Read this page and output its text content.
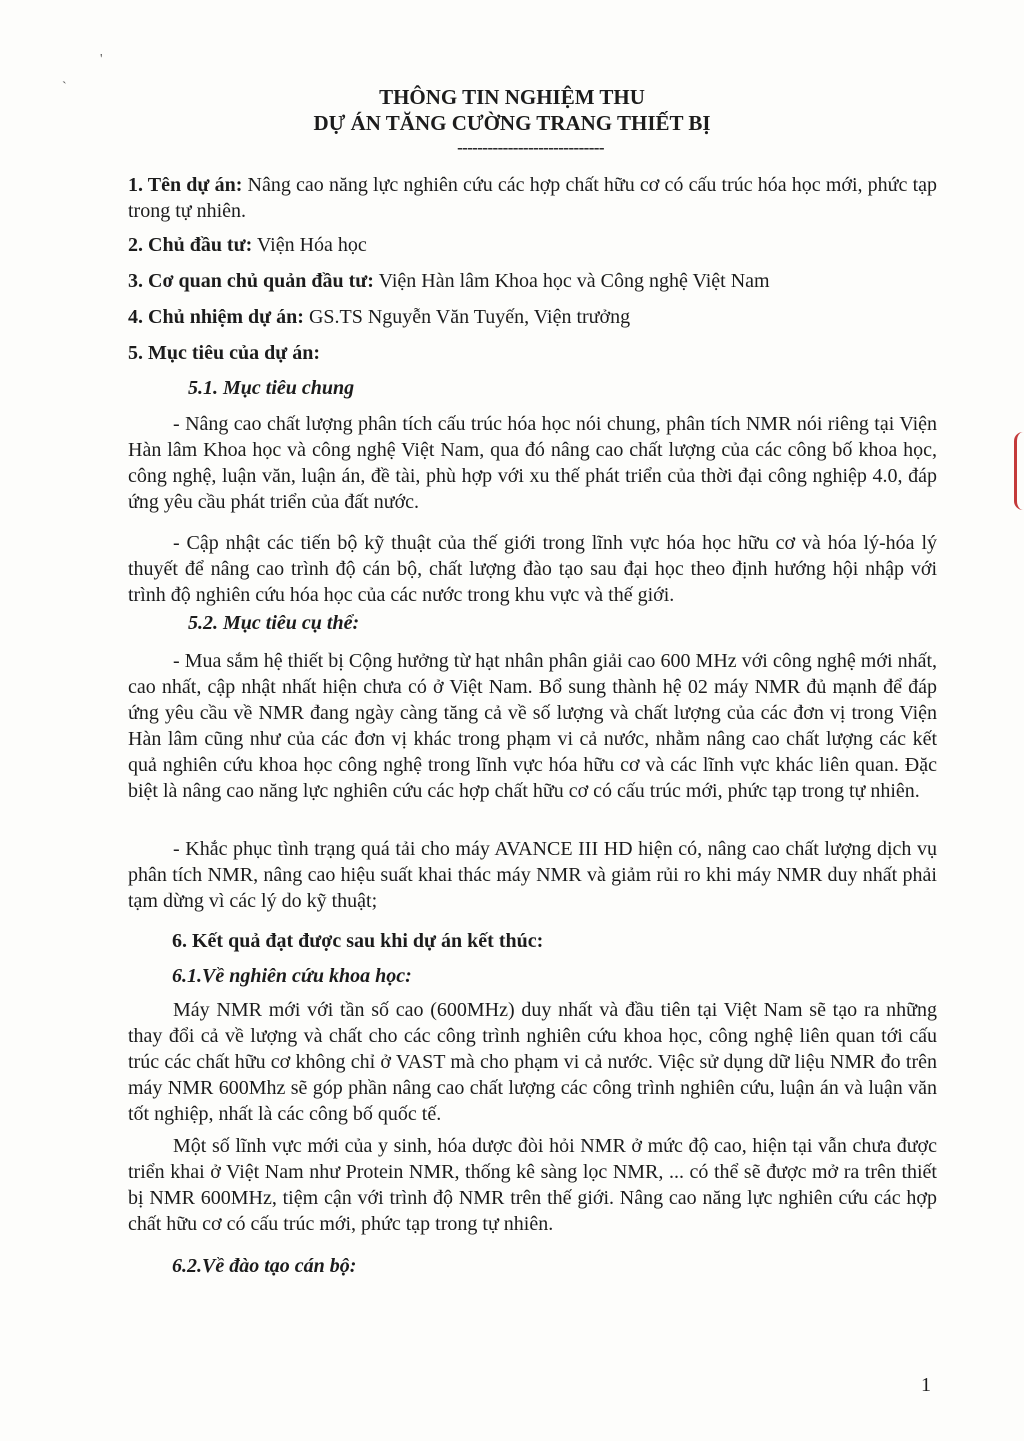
'
`	THÔNG TIN NGHIỆM THU
DỰ ÁN TĂNG CƯỜNG TRANG THIẾT BỊ
-----------------------------

1. Tên dự án: Nâng cao năng lực nghiên cứu các hợp chất hữu cơ có cấu trúc hóa học mới, phức tạp trong tự nhiên.

2. Chủ đầu tư: Viện Hóa học

3. Cơ quan chủ quản đầu tư: Viện Hàn lâm Khoa học và Công nghệ Việt Nam

4. Chủ nhiệm dự án: GS.TS Nguyễn Văn Tuyến, Viện trưởng

5. Mục tiêu của dự án:

5.1. Mục tiêu chung

- Nâng cao chất lượng phân tích cấu trúc hóa học nói chung, phân tích NMR nói riêng tại Viện Hàn lâm Khoa học và công nghệ Việt Nam, qua đó nâng cao chất lượng của các công bố khoa học, công nghệ, luận văn, luận án, đề tài, phù hợp với xu thế phát triển của thời đại công nghiệp 4.0, đáp ứng yêu cầu phát triển của đất nước.

- Cập nhật các tiến bộ kỹ thuật của thế giới trong lĩnh vực hóa học hữu cơ và hóa lý-hóa lý thuyết để nâng cao trình độ cán bộ, chất lượng đào tạo sau đại học theo định hướng hội nhập với trình độ nghiên cứu hóa học của các nước trong khu vực và thế giới.

5.2. Mục tiêu cụ thể:

- Mua sắm hệ thiết bị Cộng hưởng từ hạt nhân phân giải cao 600 MHz với công nghệ mới nhất, cao nhất, cập nhật nhất hiện chưa có ở Việt Nam. Bổ sung thành hệ 02 máy NMR đủ mạnh để đáp ứng yêu cầu về NMR đang ngày càng tăng cả về số lượng và chất lượng của các đơn vị trong Viện Hàn lâm cũng như của các đơn vị khác trong phạm vi cả nước, nhằm nâng cao chất lượng các kết quả nghiên cứu khoa học công nghệ trong lĩnh vực hóa hữu cơ và các lĩnh vực khác liên quan. Đặc biệt là nâng cao năng lực nghiên cứu các hợp chất hữu cơ có cấu trúc mới, phức tạp trong tự nhiên.

- Khắc phục tình trạng quá tải cho máy AVANCE III HD hiện có, nâng cao chất lượng dịch vụ phân tích NMR, nâng cao hiệu suất khai thác máy NMR và giảm rủi ro khi máy NMR duy nhất phải tạm dừng vì các lý do kỹ thuật;

6. Kết quả đạt được sau khi dự án kết thúc:
6.1.Về nghiên cứu khoa học:

Máy NMR mới với tần số cao (600MHz) duy nhất và đầu tiên tại Việt Nam sẽ tạo ra những thay đổi cả về lượng và chất cho các công trình nghiên cứu khoa học, công nghệ liên quan tới cấu trúc các chất hữu cơ không chỉ ở VAST mà cho phạm vi cả nước. Việc sử dụng dữ liệu NMR đo trên máy NMR 600Mhz sẽ góp phần nâng cao chất lượng các công trình nghiên cứu, luận án và luận văn tốt nghiệp, nhất là các công bố quốc tế.

Một số lĩnh vực mới của y sinh, hóa dược đòi hỏi NMR ở mức độ cao, hiện tại vẫn chưa được triển khai ở Việt Nam như Protein NMR, thống kê sàng lọc NMR, ... có thể sẽ được mở ra trên thiết bị NMR 600MHz, tiệm cận với trình độ NMR trên thế giới. Nâng cao năng lực nghiên cứu các hợp chất hữu cơ có cấu trúc mới, phức tạp trong tự nhiên.

6.2.Về đào tạo cán bộ:
1
